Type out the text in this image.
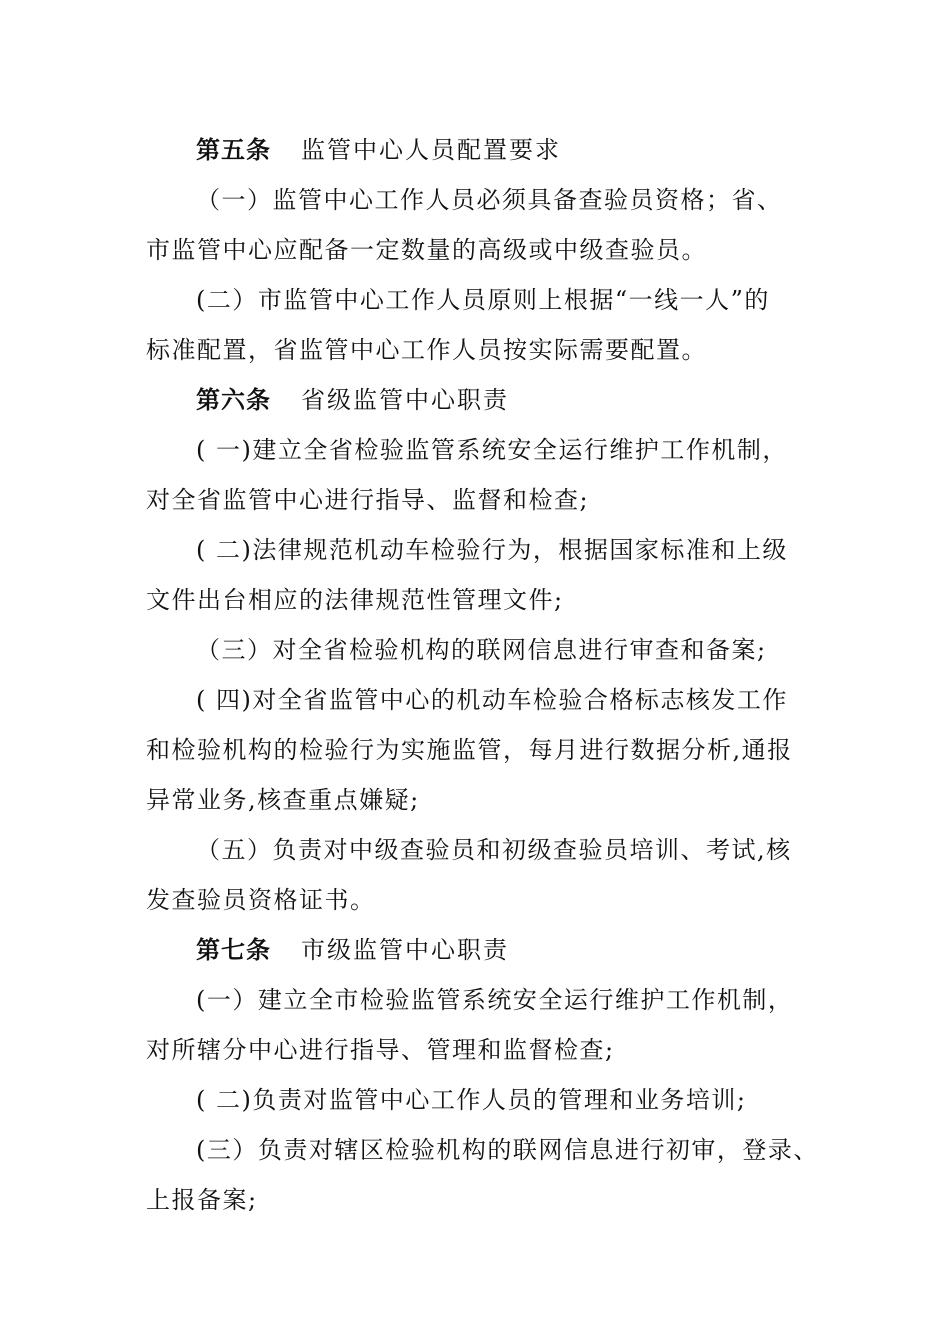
第五条 监管中心人员配置要求
（一）监管中心工作人员必须具备查验员资格；省、
市监管中心应配备一定数量的高级或中级查验员。
(二）市监管中心工作人员原则上根据“一线一人”的
标准配置，省监管中心工作人员按实际需要配置。
第六条 省级监管中心职责
( 一)建立全省检验监管系统安全运行维护工作机制，
对全省监管中心进行指导、监督和检查;
( 二)法律规范机动车检验行为，根据国家标准和上级
文件出台相应的法律规范性管理文件;
（三）对全省检验机构的联网信息进行审查和备案;
( 四)对全省监管中心的机动车检验合格标志核发工作
和检验机构的检验行为实施监管，每月进行数据分析,通报
异常业务,核查重点嫌疑;
（五）负责对中级查验员和初级查验员培训、考试,核
发查验员资格证书。
第七条 市级监管中心职责
(一）建立全市检验监管系统安全运行维护工作机制，
对所辖分中心进行指导、管理和监督检查;
( 二)负责对监管中心工作人员的管理和业务培训;
(三）负责对辖区检验机构的联网信息进行初审，登录、
上报备案;
